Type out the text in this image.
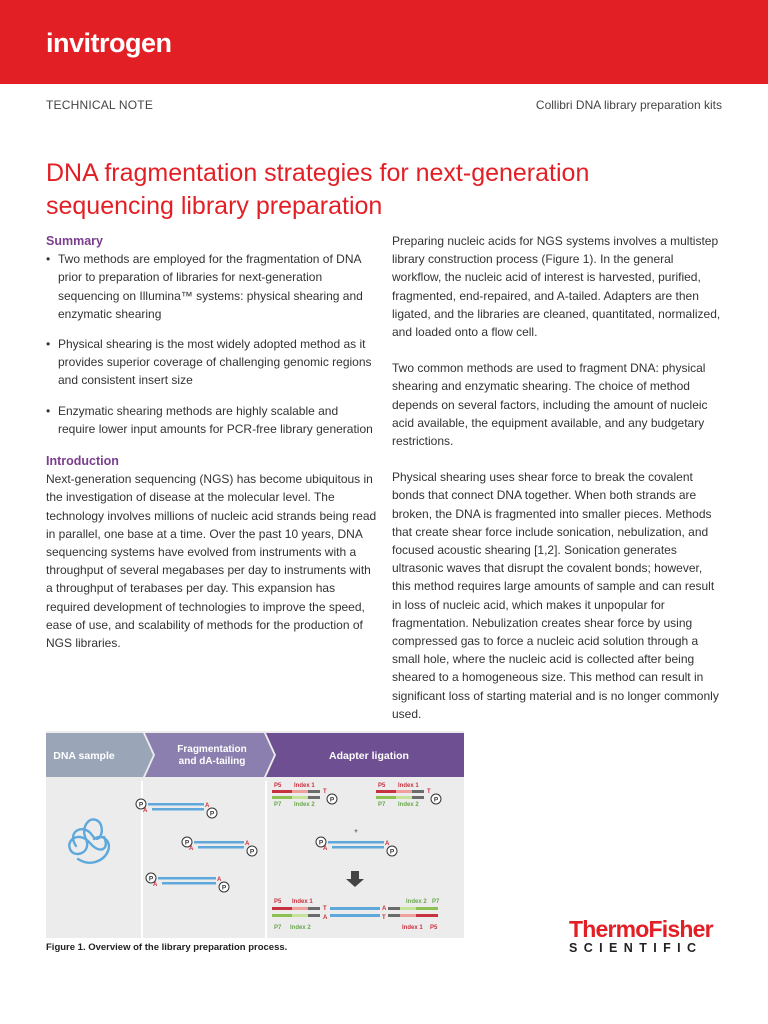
invitrogen
TECHNICAL NOTE	Collibri DNA library preparation kits
DNA fragmentation strategies for next-generation sequencing library preparation
Summary
• Two methods are employed for the fragmentation of DNA prior to preparation of libraries for next-generation sequencing on Illumina™ systems: physical shearing and enzymatic shearing
• Physical shearing is the most widely adopted method as it provides superior coverage of challenging genomic regions and consistent insert size
• Enzymatic shearing methods are highly scalable and require lower input amounts for PCR-free library generation
Introduction

Next-generation sequencing (NGS) has become ubiquitous in the investigation of disease at the molecular level. The technology involves millions of nucleic acid strands being read in parallel, one base at a time. Over the past 10 years, DNA sequencing systems have evolved from instruments with a throughput of several megabases per day to instruments with a throughput of terabases per day. This expansion has required development of technologies to improve the speed, ease of use, and scalability of methods for the production of NGS libraries.

Preparing nucleic acids for NGS systems involves a multistep library construction process (Figure 1). In the general workflow, the nucleic acid of interest is harvested, purified, fragmented, end-repaired, and A-tailed. Adapters are then ligated, and the libraries are cleaned, quantitated, normalized, and loaded onto a flow cell.

Two common methods are used to fragment DNA: physical shearing and enzymatic shearing. The choice of method depends on several factors, including the amount of nucleic acid available, the equipment available, and any budgetary restrictions.

Physical shearing uses shear force to break the covalent bonds that connect DNA together. When both strands are broken, the DNA is fragmented into smaller pieces. Methods that create shear force include sonication, nebulization, and focused acoustic shearing [1,2]. Sonication generates ultrasonic waves that disrupt the covalent bonds; however, this method requires large amounts of sample and can result in loss of nucleic acid, which makes it unpopular for fragmentation. Nebulization creates shear force by using compressed gas to force a nucleic acid solution through a small hole, where the nucleic acid is collected after being sheared to a homogeneous size. This method can result in significant loss of starting material and is no longer commonly used.

DNA sample
Fragmentation
and dA-tailing	Adapter ligation
P	A
A	P
P	A
A	P
P	A
A	P
P5 Index 1
T
P7 Index 2
P
P5 Index 1
T
P7 Index 2
P
+
P	A
A	P
P5 Index 1	Index 2 P7
T	A
A	T
P7 Index 2	Index 1 P5
Figure 1. Overview of the library preparation process.
ThermoFisher
SCIENTIFIC
